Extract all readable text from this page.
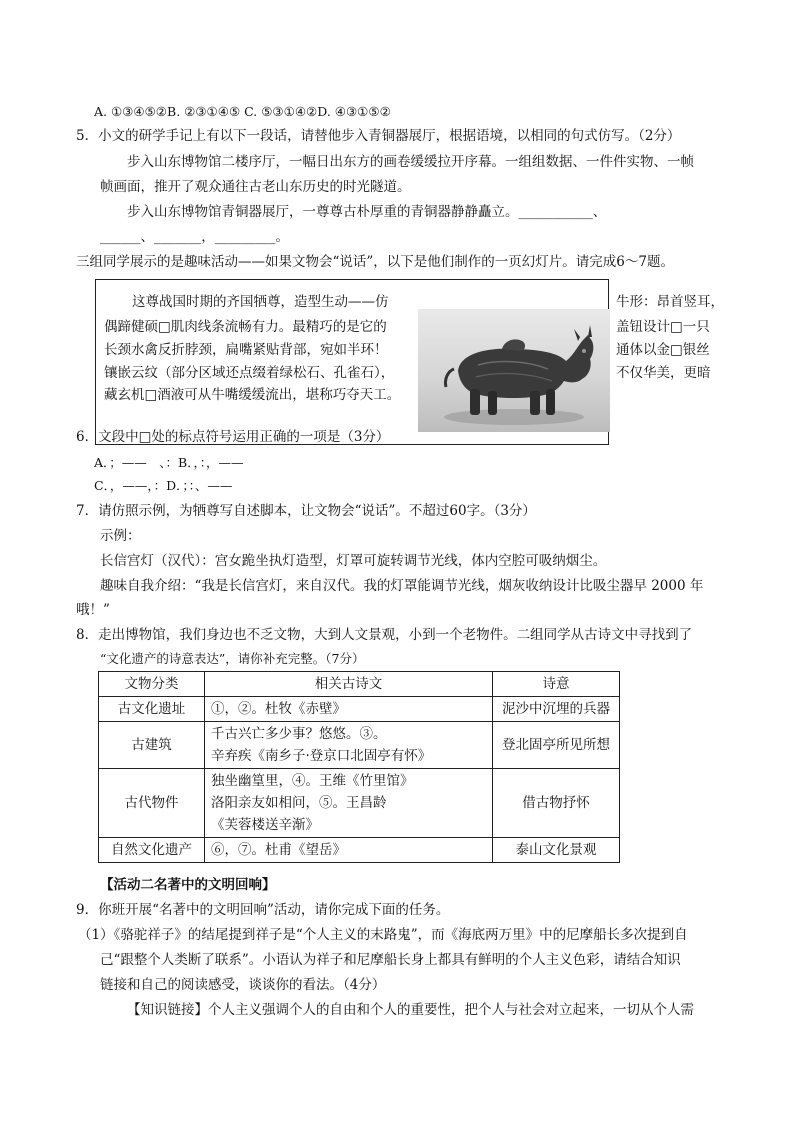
A. ①③④⑤②B. ②③①④⑤ C. ⑤③①④②D. ④③①⑤②
5．小文的研学手记上有以下一段话，请替他步入青铜器展厅，根据语境，以相同的句式仿写。（2分）
步入山东博物馆二楼序厅，一幅日出东方的画卷缓缓拉开序幕。一组组数据、一件件实物、一帧
帧画面，推开了观众通往古老山东历史的时光隧道。
步入山东博物馆青铜器展厅，一尊尊古朴厚重的青铜器静静矗立。___________、
______、_______，_________。
三组同学展示的是趣味活动——如果文物会“说话”，以下是他们制作的一页幻灯片。请完成6～7题。
这尊战国时期的齐国牺尊，造型生动——仿
偶蹄健硕□肌肉线条流畅有力。最精巧的是它的
长颈水禽反折脖颈，扁嘴紧贴背部，宛如半环！
镶嵌云纹（部分区域还点缀着绿松石、孔雀石），
藏玄机□酒液可从牛嘴缓缓流出，堪称巧夺天工。
牛形：昂首竖耳，
盖钮设计□一只
通体以金□银丝
不仅华美，更暗
6．文段中□处的标点符号运用正确的一项是（3分）
A．；——　、：B．，：，——
C．，——，：D．；：、——
7．请仿照示例，为牺尊写自述脚本，让文物会“说话”。不超过60字。（3分）
示例：
长信宫灯（汉代）：宫女跪坐执灯造型，灯罩可旋转调节光线，体内空腔可吸纳烟尘。
趣味自我介绍：“我是长信宫灯，来自汉代。我的灯罩能调节光线，烟灰收纳设计比吸尘器早 2000 年
哦！”
8．走出博物馆，我们身边也不乏文物，大到人文景观，小到一个老物件。二组同学从古诗文中寻找到了
“文化遗产的诗意表达”，请你补充完整。（7分）
文物分类	相关古诗文	诗意
古文化遗址	①，②。杜牧《赤壁》	泥沙中沉埋的兵器
古建筑	千古兴亡多少事？悠悠。③。
辛弃疾《南乡子·登京口北固亭有怀》	登北固亭所见所想
古代物件	独坐幽篁里，④。王维《竹里馆》
洛阳亲友如相问，⑤。王昌龄
《芙蓉楼送辛渐》	借古物抒怀
自然文化遗产	⑥，⑦。杜甫《望岳》	泰山文化景观
【活动二名著中的文明回响】
9．你班开展“名著中的文明回响”活动，请你完成下面的任务。
（1）《骆驼祥子》的结尾提到祥子是“个人主义的末路鬼”，而《海底两万里》中的尼摩船长多次提到自
己“跟整个人类断了联系”。小语认为祥子和尼摩船长身上都具有鲜明的个人主义色彩，请结合知识
链接和自己的阅读感受，谈谈你的看法。（4分）
【知识链接】个人主义强调个人的自由和个人的重要性，把个人与社会对立起来，一切从个人需
